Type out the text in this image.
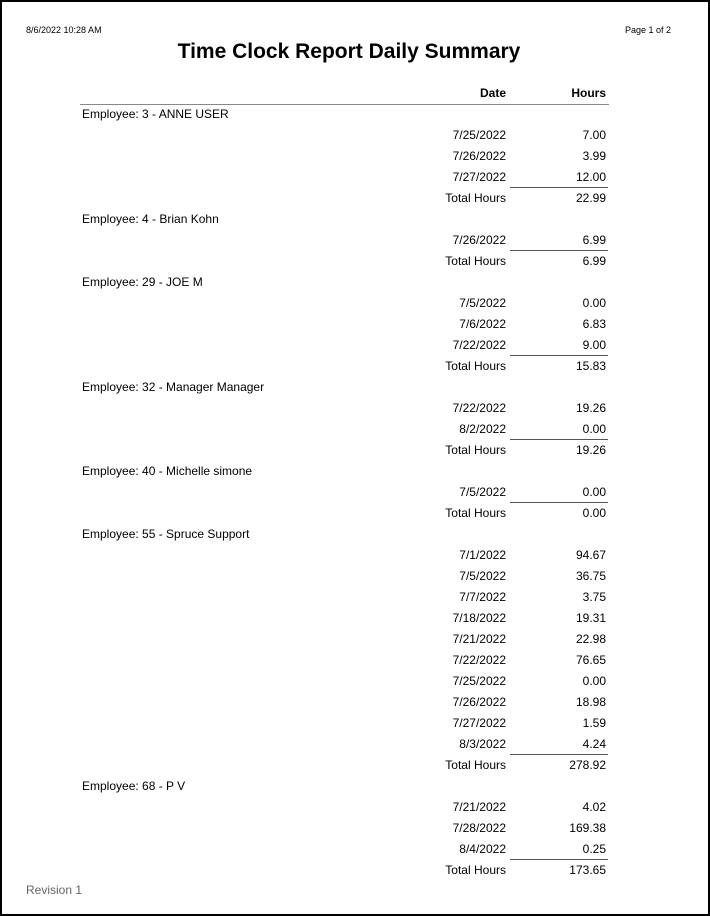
8/6/2022 10:28 AM	Page 1 of 2
Time Clock Report Daily Summary
Date	Hours
Employee: 3 - ANNE USER
7/25/2022	7.00
7/26/2022	3.99
7/27/2022	12.00
Total Hours	22.99
Employee: 4 - Brian Kohn
7/26/2022	6.99
Total Hours	6.99
Employee: 29 - JOE M
7/5/2022	0.00
7/6/2022	6.83
7/22/2022	9.00
Total Hours	15.83
Employee: 32 - Manager Manager
7/22/2022	19.26
8/2/2022	0.00
Total Hours	19.26
Employee: 40 - Michelle simone
7/5/2022	0.00
Total Hours	0.00
Employee: 55 - Spruce Support
7/1/2022	94.67
7/5/2022	36.75
7/7/2022	3.75
7/18/2022	19.31
7/21/2022	22.98
7/22/2022	76.65
7/25/2022	0.00
7/26/2022	18.98
7/27/2022	1.59
8/3/2022	4.24
Total Hours	278.92
Employee: 68 - P V
7/21/2022	4.02
7/28/2022	169.38
8/4/2022	0.25
Total Hours	173.65
Revision 1
